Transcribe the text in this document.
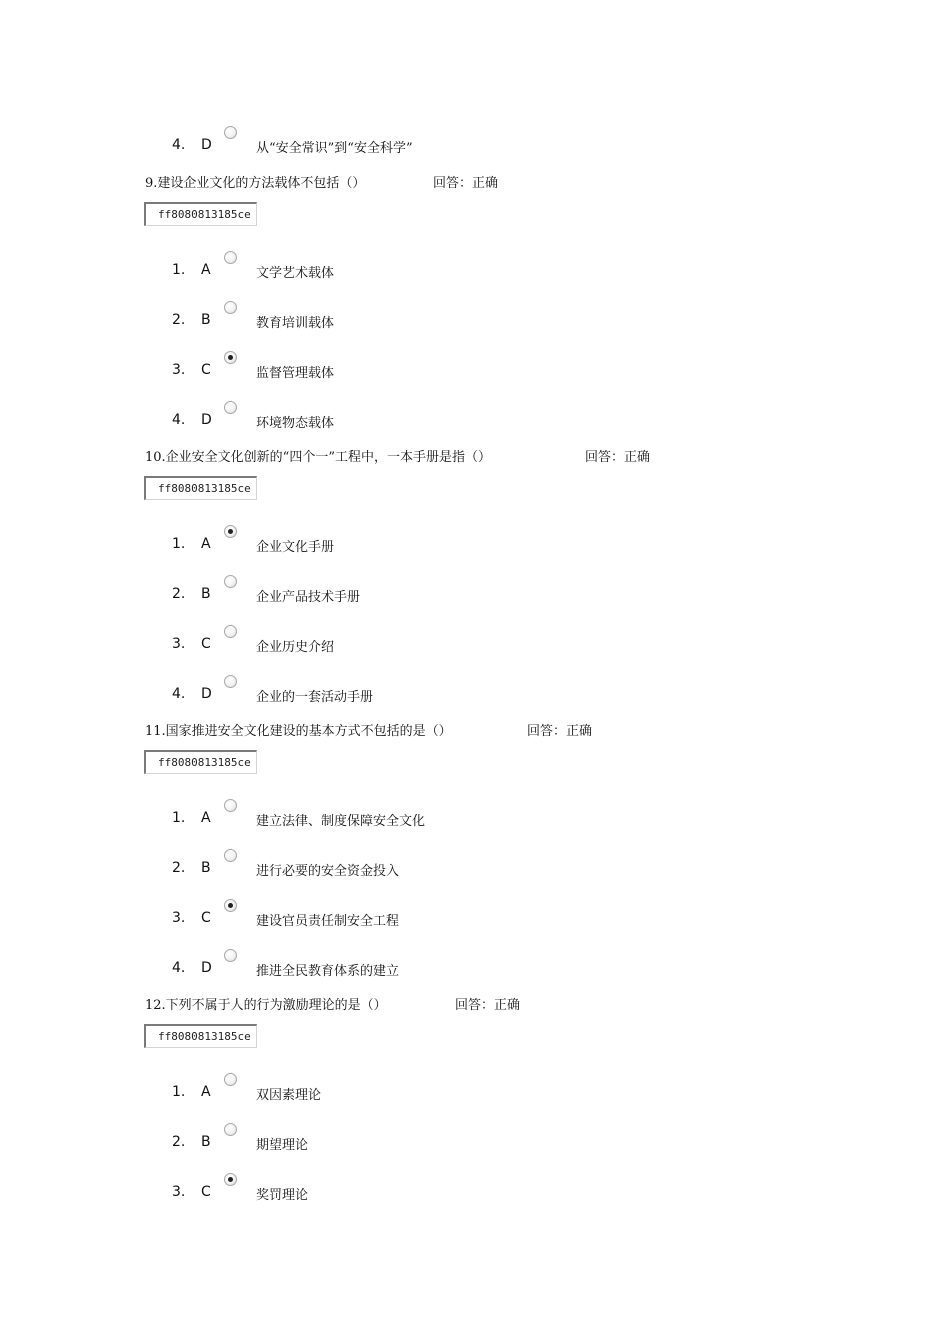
4. D	从“安全常识”到“安全科学”
9.建设企业文化的方法载体不包括（）	回答：正确
ff8080813185ce
1. A	文学艺术载体
2. B	教育培训载体
3. C	监督管理载体
4. D	环境物态载体
10.企业安全文化创新的“四个一”工程中，一本手册是指（）	回答：正确
ff8080813185ce
1. A	企业文化手册
2. B	企业产品技术手册
3. C	企业历史介绍
4. D	企业的一套活动手册
11.国家推进安全文化建设的基本方式不包括的是（）	回答：正确
ff8080813185ce
1. A	建立法律、制度保障安全文化
2. B	进行必要的安全资金投入
3. C	建设官员责任制安全工程
4. D	推进全民教育体系的建立
12.下列不属于人的行为激励理论的是（）	回答：正确
ff8080813185ce
1. A	双因素理论
2. B	期望理论
3. C	奖罚理论
